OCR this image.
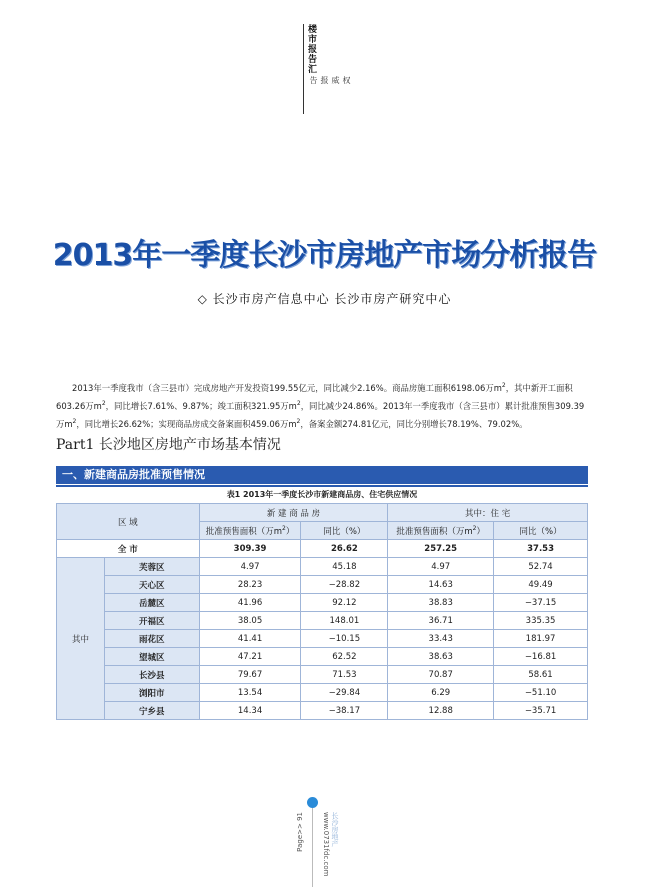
楼市报告汇
权威报告
2013年一季度长沙市房地产市场分析报告
◇ 长沙市房产信息中心 长沙市房产研究中心
2013年一季度我市（含三县市）完成房地产开发投资199.55亿元，同比减少2.16%。商品房施工面积6198.06万$m^2$，其中新开工面积603.26万$m^2$，同比增长7.61%、9.87%；竣工面积321.95万$m^2$，同比减少24.86%。2013年一季度我市（含三县市）累计批准预售309.39万$m^2$，同比增长26.62%；实现商品房成交备案面积459.06万$m^2$，备案金额274.81亿元，同比分别增长78.19%、79.02%。
Part1 长沙地区房地产市场基本情况
一、新建商品房批准预售情况
表1 2013年一季度长沙市新建商品房、住宅供应情况
区 域		新 建 商 品 房		其中：住 宅	
		批准预售面积（万$m^2$）	同比（%）	批准预售面积（万$m^2$）	同比（%）
全 市		309.39	26.62	257.25	37.53
其中	芙蓉区	4.97	45.18	4.97	52.74
	天心区	28.23	−28.82	14.63	49.49
	岳麓区	41.96	92.12	38.83	−37.15
	开福区	38.05	148.01	36.71	335.35
	雨花区	41.41	−10.15	33.43	181.97
	望城区	47.21	62.52	38.63	−16.81
	长沙县	79.67	71.53	70.87	58.61
	浏阳市	13.54	−29.84	6.29	−51.10
	宁乡县	14.34	−38.17	12.88	−35.71
Page>> 91	长沙房地产 www.0731fdc.com
